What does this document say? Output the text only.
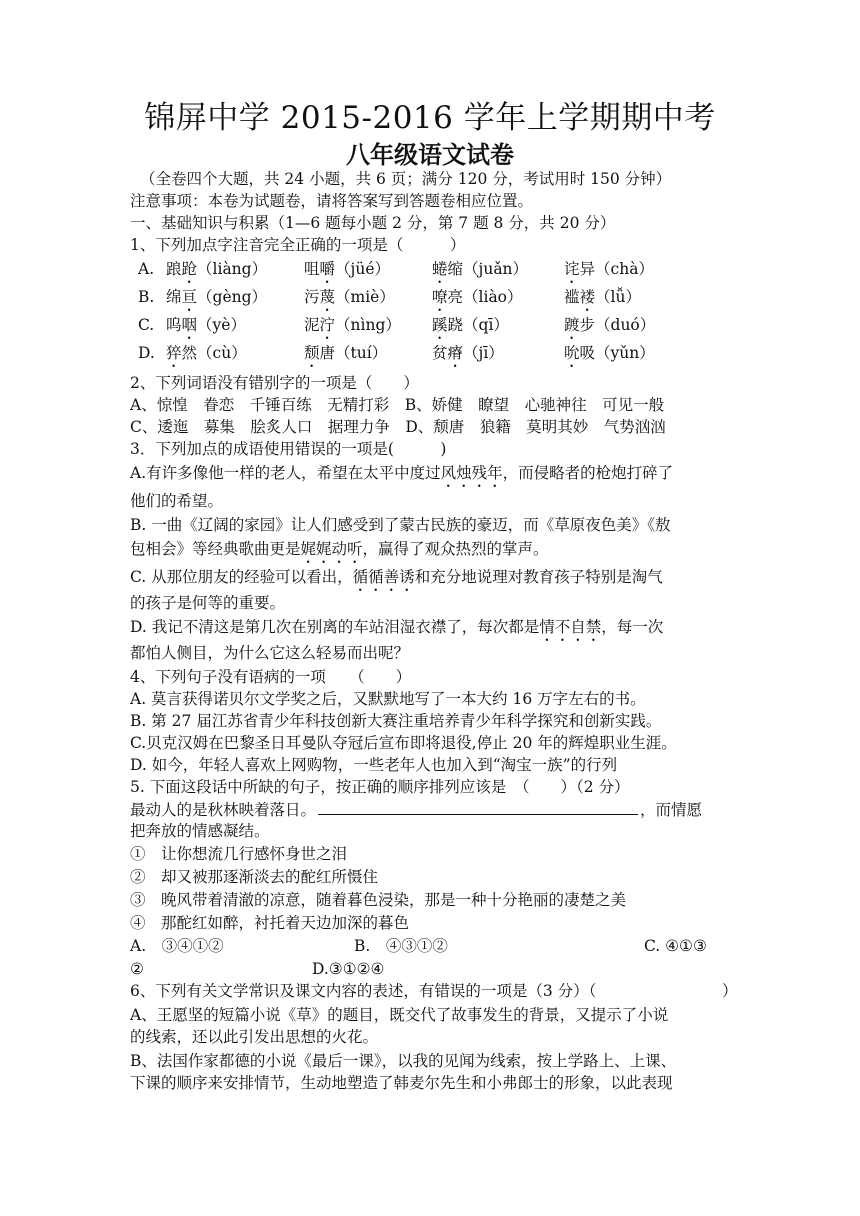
锦屏中学 2015-2016 学年上学期期中考
八年级语文试卷
（全卷四个大题，共 24 小题，共 6 页；满分 120 分，考试用时 150 分钟）
注意事项：本卷为试题卷，请将答案写到答题卷相应位置。
一、基础知识与积累（1—6 题每小题 2 分，第 7 题 8 分，共 20 分）
1、下列加点字注音完全正确的一项是（　　　）
A. 踉跄（liàng） 咀嚼（jüé）	蜷缩（juǎn） 诧异（chà）
B. 绵亘（gèng） 污蔑（miè） 嘹亮（liào）	褴褛（lǚ）
C. 呜咽（yè）	泥泞（nìng） 蹊跷（qī）	踱步（duó）
D. 猝然（cù）	颓唐（tuí）	贫瘠（jī）	吮吸（yǔn）
2、下列词语没有错别字的一项是（　　）
A、惊惶　眷恋　千锤百练　无精打彩　B、娇健　瞭望　心驰神往　可见一般
C、逶迤　募集　脍炙人口　据理力争　D、颓唐　狼籍　莫明其妙　气势汹汹
3．下列加点的成语使用错误的一项是(　　　)
A.有许多像他一样的老人，希望在太平中度过风烛残年，而侵略者的枪炮打碎了
他们的希望。
B. 一曲《辽阔的家园》让人们感受到了蒙古民族的豪迈，而《草原夜色美》《敖
包相会》等经典歌曲更是娓娓动听，赢得了观众热烈的掌声。
C. 从那位朋友的经验可以看出，循循善诱和充分地说理对教育孩子特别是淘气
的孩子是何等的重要。
D. 我记不清这是第几次在别离的车站泪湿衣襟了，每次都是情不自禁，每一次
都怕人侧目，为什么它这么轻易而出呢？
4、下列句子没有语病的一项　　（　　）
A. 莫言获得诺贝尔文学奖之后，又默默地写了一本大约 16 万字左右的书。
B. 第 27 届江苏省青少年科技创新大赛注重培养青少年科学探究和创新实践。
C.贝克汉姆在巴黎圣日耳曼队夺冠后宣布即将退役,停止 20 年的辉煌职业生涯。
D. 如今，年轻人喜欢上网购物，一些老年人也加入到“淘宝一族”的行列
5. 下面这段话中所缺的句子，按正确的顺序排列应该是　（　　）（2 分）
最动人的是秋林映着落日。	，而情愿
把奔放的情感凝结。
①　让你想流几行感怀身世之泪
②　却又被那逐渐淡去的酡红所慑住
③　晚风带着清澈的凉意，随着暮色浸染，那是一种十分艳丽的凄楚之美
④　那酡红如醉，衬托着天边加深的暮色
A.　③④①②	B.　④③①②	C. ④①③
②	D.③①②④
6、下列有关文学常识及课文内容的表述，有错误的一项是（3 分）（	）
A、王愿坚的短篇小说《草》的题目，既交代了故事发生的背景，又提示了小说
的线索，还以此引发出思想的火花。
B、法国作家都德的小说《最后一课》，以我的见闻为线索，按上学路上、上课、
下课的顺序来安排情节，生动地塑造了韩麦尔先生和小弗郎士的形象，以此表现
